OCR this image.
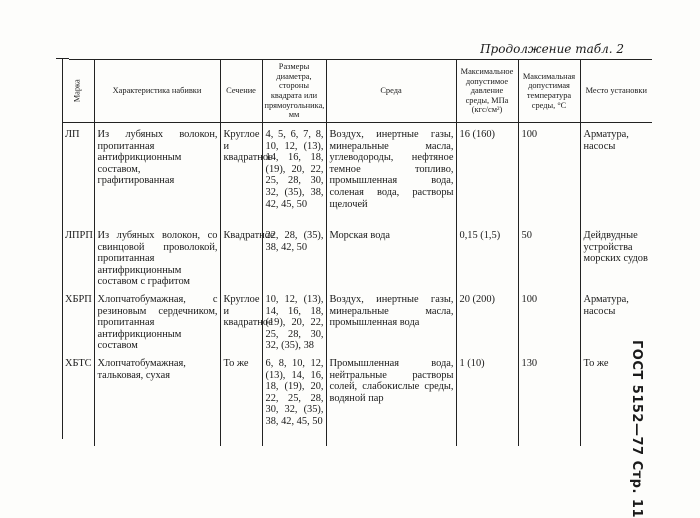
Продолжение табл. 2
Марка	Характеристика набивки	Сечение	Размеры диаметра, стороны квадрата или прямоугольника, мм	Среда	Максимальное допустимое давление среды, МПа (кгс/см²)	Максимальная допустимая температура среды, °С	Место установки
ЛП	Из лубяных волокон, пропитанная антифрикционным составом, графитированная	Круглое и квадратное	4, 5, 6, 7, 8, 10, 12, (13), 14, 16, 18, (19), 20, 22, 25, 28, 30, 32, (35), 38, 42, 45, 50	Воздух, инертные газы, минеральные масла, углеводороды, нефтяное темное топливо, промышленная вода, соленая вода, растворы щелочей	16 (160)	100	Арматура, насосы
ЛПРП	Из лубяных волокон, со свинцовой проволокой, пропитанная антифрикционным составом с графитом	Квадратное	22, 28, (35), 38, 42, 50	Морская вода	0,15 (1,5)	50	Дейдвудные устройства морских судов
ХБРП	Хлопчатобумажная, с резиновым сердечником, пропитанная антифрикционным составом	Круглое и квадратное	10, 12, (13), 14, 16, 18, (19), 20, 22, 25, 28, 30, 32, (35), 38	Воздух, инертные газы, минеральные масла, промышленная вода	20 (200)	100	Арматура, насосы
ХБТС	Хлопчатобумажная, тальковая, сухая	То же	6, 8, 10, 12, (13), 14, 16, 18, (19), 20, 22, 25, 28, 30, 32, (35), 38, 42, 45, 50	Промышленная вода, нейтральные растворы солей, слабокислые среды, водяной пар	1 (10)	130	То же ГОСТ 5152—77 Стр. 11
